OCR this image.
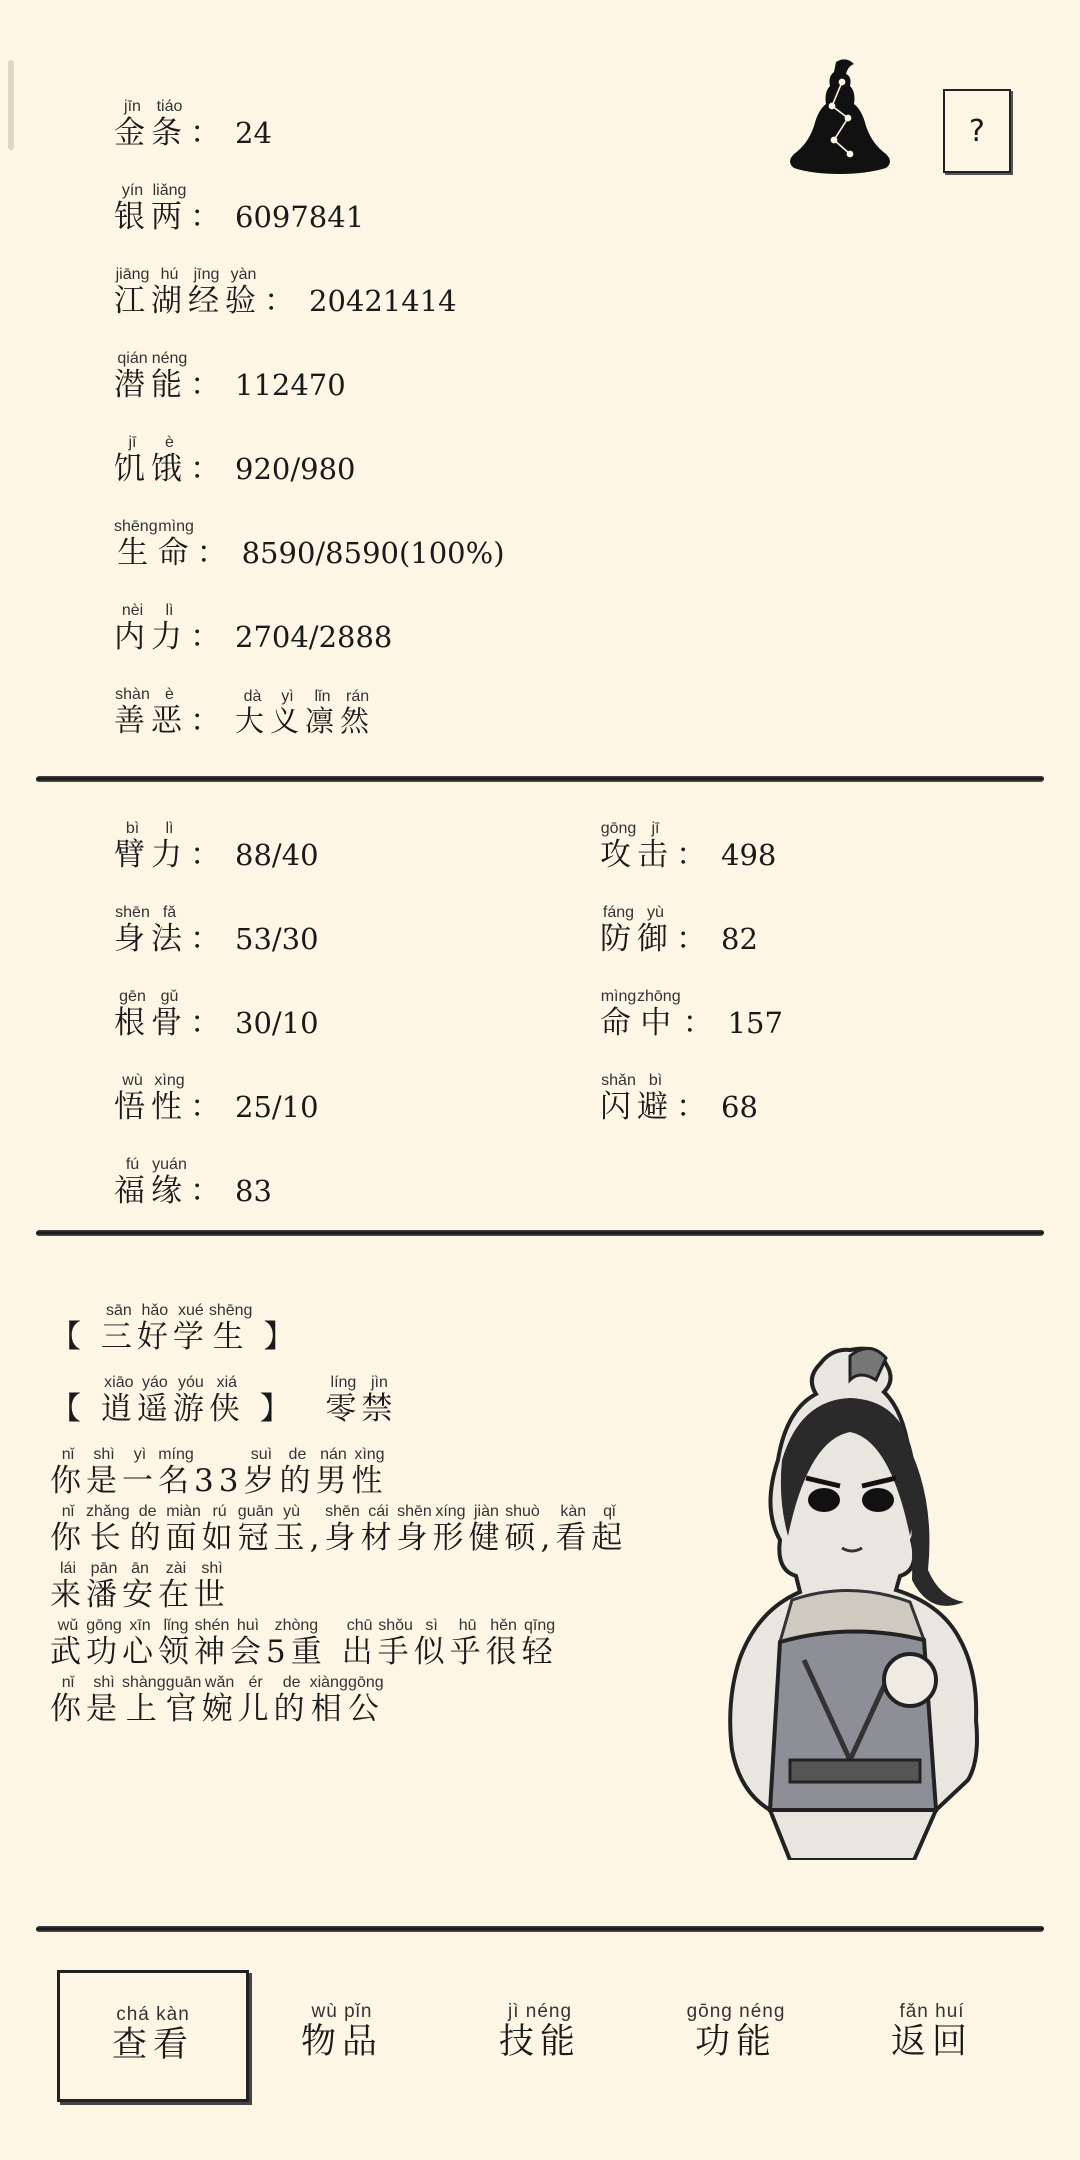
金jīn条tiáo
： 24
银yín两liǎng
： 6097841
江jiāng湖hú经jīng验yàn
： 20421414
潜qián能néng
： 112470
饥jī饿è
： 920/980
生shēng命mìng
： 8590/8590(100%)
内nèi力lì
： 2704/2888
善shàn恶è
： 大dà义yì凛lǐn然rán
?
臂bì力lì
： 88/40
身shēn法fǎ
： 53/30
根gēn骨gǔ
： 30/10
悟wù性xìng
： 25/10
福fú缘yuán
： 83
攻gōng击jī
： 498
防fáng御yù
： 82
命mìng中zhōng
： 157
闪shǎn避bì
： 68
【 三sān好hǎo学xué生shēng 】
【 逍xiāo遥yáo游yóu侠xiá 】  零líng禁jìn
你nǐ是shì一yì名míng33岁suì的de男nán性xìng
你nǐ长zhǎng的de面miàn如rú冠guān玉yù,身shēn材cái身shēn形xíng健jiàn硕shuò,看kàn起qǐ
来lái潘pān安ān在zài世shì
武wǔ功gōng心xīn领lǐng神shén会huì5重zhòng 出chū手shǒu似sì乎hū很hěn轻qīng
你nǐ是shì上shàng官guān婉wǎn儿ér的de相xiàng公gōng
查看chá kàn
物品wù pǐn
技能jì néng
功能gōng néng
返回fǎn huí
